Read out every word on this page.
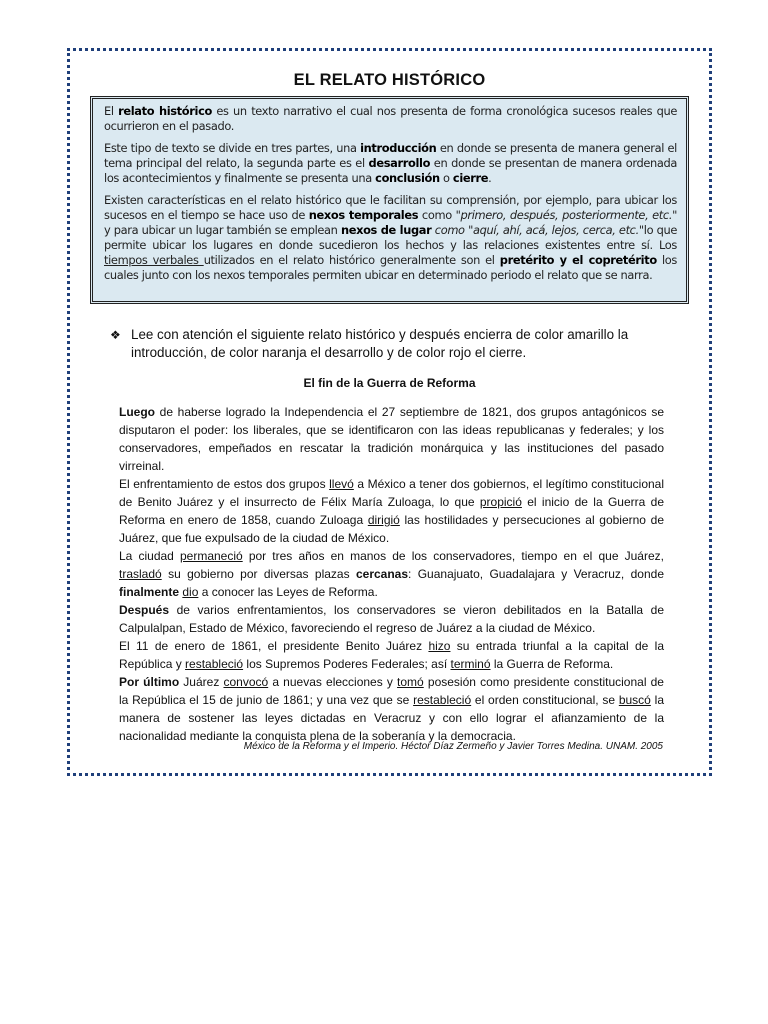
EL RELATO HISTÓRICO

El relato histórico es un texto narrativo el cual nos presenta de forma cronológica sucesos reales que ocurrieron en el pasado.

Este tipo de texto se divide en tres partes, una introducción en donde se presenta de manera general el tema principal del relato, la segunda parte es el desarrollo en donde se presentan de manera ordenada los acontecimientos y finalmente se presenta una conclusión o cierre.

Existen características en el relato histórico que le facilitan su comprensión, por ejemplo, para ubicar los sucesos en el tiempo se hace uso de nexos temporales como "primero, después, posteriormente, etc." y para ubicar un lugar también se emplean nexos de lugar como "aquí, ahí, acá, lejos, cerca, etc."lo que permite ubicar los lugares en donde sucedieron los hechos y las relaciones existentes entre sí. Los tiempos verbales utilizados en el relato histórico generalmente son el pretérito y el copretérito los cuales junto con los nexos temporales permiten ubicar en determinado periodo el relato que se narra.

❖ Lee con atención el siguiente relato histórico y después encierra de color amarillo la introducción, de color naranja el desarrollo y de color rojo el cierre.
El fin de la Guerra de Reforma

Luego de haberse logrado la Independencia el 27 septiembre de 1821, dos grupos antagónicos se disputaron el poder: los liberales, que se identificaron con las ideas republicanas y federales; y los conservadores, empeñados en rescatar la tradición monárquica y las instituciones del pasado virreinal.

El enfrentamiento de estos dos grupos llevó a México a tener dos gobiernos, el legítimo constitucional de Benito Juárez y el insurrecto de Félix María Zuloaga, lo que propició el inicio de la Guerra de Reforma en enero de 1858, cuando Zuloaga dirigió las hostilidades y persecuciones al gobierno de Juárez, que fue expulsado de la ciudad de México.

La ciudad permaneció por tres años en manos de los conservadores, tiempo en el que Juárez, trasladó su gobierno por diversas plazas cercanas: Guanajuato, Guadalajara y Veracruz, donde finalmente dio a conocer las Leyes de Reforma.

Después de varios enfrentamientos, los conservadores se vieron debilitados en la Batalla de Calpulalpan, Estado de México, favoreciendo el regreso de Juárez a la ciudad de México.

El 11 de enero de 1861, el presidente Benito Juárez hizo su entrada triunfal a la capital de la República y restableció los Supremos Poderes Federales; así terminó la Guerra de Reforma.

Por último Juárez convocó a nuevas elecciones y tomó posesión como presidente constitucional de la República el 15 de junio de 1861; y una vez que se restableció el orden constitucional, se buscó la manera de sostener las leyes dictadas en Veracruz y con ello lograr el afianzamiento de la nacionalidad mediante la conquista plena de la soberanía y la democracia.

México de la Reforma y el Imperio. Héctor Díaz Zermeño y Javier Torres Medina. UNAM. 2005
